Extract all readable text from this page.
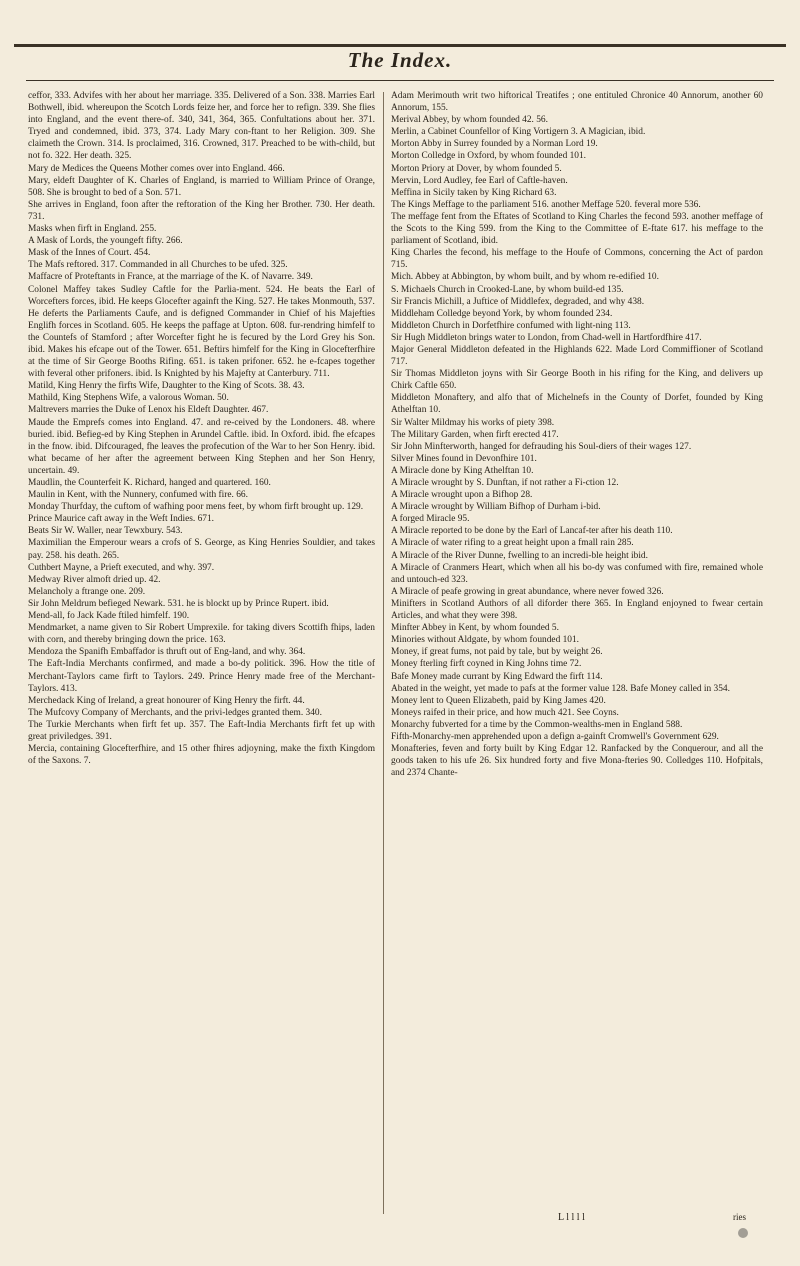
The Index.

ceffor, 333. Advifes with her about her marriage. 335. Delivered of a Son. 338. Marries Earl Bothwell, ibid. whereupon the Scotch Lords feize her, and force her to refign. 339. She flies into England, and the event there-of. 340, 341, 364, 365. Confultations about her. 371. Tryed and condemned, ibid. 373, 374. Lady Mary con-ftant to her Religion. 309. She claimeth the Crown. 314. Is proclaimed, 316. Crowned, 317. Preached to be with-child, but not fo. 322. Her death. 325.

Mary de Medices the Queens Mother comes over into England. 466.

Mary, eldeft Daughter of K. Charles of England, is married to William Prince of Orange, 508. She is brought to bed of a Son. 571.

She arrives in England, foon after the reftoration of the King her Brother. 730. Her death. 731.

Masks when firft in England. 255.

A Mask of Lords, the youngeft fifty. 266.

Mask of the Innes of Court. 454.

The Mafs reftored. 317. Commanded in all Churches to be ufed. 325.

Maffacre of Proteftants in France, at the marriage of the K. of Navarre. 349.

Colonel Maffey takes Sudley Caftle for the Parlia-ment. 524. He beats the Earl of Worcefters forces, ibid. He keeps Glocefter againft the King. 527. He takes Monmouth, 537.

He deferts the Parliaments Caufe, and is defigned Commander in Chief of his Majefties Englifh forces in Scotland. 605. He keeps the paffage at Upton. 608. fur-rendring himfelf to the Countefs of Stamford ; after Worcefter fight he is fecured by the Lord Grey his Son. ibid. Makes his efcape out of the Tower. 651. Beftirs himfelf for the King in Glocefterfhire at the time of Sir George Booths Rifing. 651. is taken prifoner. 652. he e-fcapes together with feveral other prifoners. ibid. Is Knighted by his Majefty at Canterbury. 711.

Matild, King Henry the firfts Wife, Daughter to the King of Scots. 38. 43.

Mathild, King Stephens Wife, a valorous Woman. 50.

Maltrevers marries the Duke of Lenox his Eldeft Daughter. 467.

Maude the Emprefs comes into England. 47. and re-ceived by the Londoners. 48. where buried. ibid. Befieg-ed by King Stephen in Arundel Caftle. ibid. In Oxford. ibid. fhe efcapes in the fnow. ibid. Difcouraged, fhe leaves the profecution of the War to her Son Henry. ibid. what became of her after the agreement between King Stephen and her Son Henry, uncertain. 49.

Maudlin, the Counterfeit K. Richard, hanged and quartered. 160.

Maulin in Kent, with the Nunnery, confumed with fire. 66.

Monday Thurfday, the cuftom of wafhing poor mens feet, by whom firft brought up. 129.

Prince Maurice caft away in the Weft Indies. 671.

Beats Sir W. Waller, near Tewxbury. 543.

Maximilian the Emperour wears a crofs of S. George, as King Henries Souldier, and takes pay. 258. his death. 265.

Cuthbert Mayne, a Prieft executed, and why. 397.

Medway River almoft dried up. 42.

Melancholy a ftrange one. 209.

Sir John Meldrum befieged Newark. 531. he is blockt up by Prince Rupert. ibid.

Mend-all, fo Jack Kade ftiled himfelf. 190.

Mendmarket, a name given to Sir Robert Umprexile. for taking divers Scottifh fhips, laden with corn, and thereby bringing down the price. 163.

Mendoza the Spanifh Embaffador is thruft out of Eng-land, and why. 364.

The Eaft-India Merchants confirmed, and made a bo-dy politick. 396. How the title of Merchant-Taylors came firft to Taylors. 249. Prince Henry made free of the Merchant-Taylors. 413.

Merchedack King of Ireland, a great honourer of King Henry the firft. 44.

The Mufcovy Company of Merchants, and the privi-ledges granted them. 340.

The Turkie Merchants when firft fet up. 357. The Eaft-India Merchants firft fet up with great priviledges. 391.

Mercia, containing Glocefterfhire, and 15 other fhires adjoyning, make the fixth Kingdom of the Saxons. 7.

Adam Merimouth writ two hiftorical Treatifes ; one entituled Chronice 40 Annorum, another 60 Annorum, 155.

Merival Abbey, by whom founded 42. 56.

Merlin, a Cabinet Counfellor of King Vortigern 3. A Magician, ibid.

Morton Abby in Surrey founded by a Norman Lord 19.

Morton Colledge in Oxford, by whom founded 101.

Morton Priory at Dover, by whom founded 5.

Mervin, Lord Audley, fee Earl of Caftle-haven.

Meffina in Sicily taken by King Richard 63.

The Kings Meffage to the parliament 516. another Meffage 520. feveral more 536.

The meffage fent from the Eftates of Scotland to King Charles the fecond 593. another meffage of the Scots to the King 599. from the King to the Committee of E-ftate 617. his meffage to the parliament of Scotland, ibid.

King Charles the fecond, his meffage to the Houfe of Commons, concerning the Act of pardon 715.

Mich. Abbey at Abbington, by whom built, and by whom re-edified 10.

S. Michaels Church in Crooked-Lane, by whom build-ed 135.

Sir Francis Michill, a Juftice of Middlefex, degraded, and why 438.

Middleham Colledge beyond York, by whom founded 234.

Middleton Church in Dorfetfhire confumed with light-ning 113.

Sir Hugh Middleton brings water to London, from Chad-well in Hartfordfhire 417.

Major General Middleton defeated in the Highlands 622. Made Lord Commiffioner of Scotland 717.

Sir Thomas Middleton joyns with Sir George Booth in his rifing for the King, and delivers up Chirk Caftle 650.

Middleton Monaftery, and alfo that of Michelnefs in the County of Dorfet, founded by King Athelftan 10.

Sir Walter Mildmay his works of piety 398.

The Military Garden, when firft erected 417.

Sir John Minfterworth, hanged for defrauding his Soul-diers of their wages 127.

Silver Mines found in Devonfhire 101.

A Miracle done by King Athelftan 10.

A Miracle wrought by S. Dunftan, if not rather a Fi-ction 12.

A Miracle wrought upon a Bifhop 28.

A Miracle wrought by William Bifhop of Durham i-bid.

A forged Miracle 95.

A Miracle reported to be done by the Earl of Lancaf-ter after his death 110.

A Miracle of water rifing to a great height upon a fmall rain 285.

A Miracle of the River Dunne, fwelling to an incredi-ble height ibid.

A Miracle of Cranmers Heart, which when all his bo-dy was confumed with fire, remained whole and untouch-ed 323.

A Miracle of peafe growing in great abundance, where never fowed 326.

Minifters in Scotland Authors of all diforder there 365. In England enjoyned to fwear certain Articles, and what they were 398.

Minfter Abbey in Kent, by whom founded 5.

Minories without Aldgate, by whom founded 101.

Money, if great fums, not paid by tale, but by weight 26.

Money fterling firft coyned in King Johns time 72.

Bafe Money made currant by King Edward the firft 114.

Abated in the weight, yet made to pafs at the former value 128. Bafe Money called in 354.

Money lent to Queen Elizabeth, paid by King James 420.

Moneys raifed in their price, and how much 421. See Coyns.

Monarchy fubverted for a time by the Common-wealths-men in England 588.

Fifth-Monarchy-men apprehended upon a defign a-gainft Cromwell's Government 629.

Monafteries, feven and forty built by King Edgar 12. Ranfacked by the Conquerour, and all the goods taken to his ufe 26. Six hundred forty and five Mona-fteries 90. Colledges 110. Hofpitals, and 2374 Chante-

L l l l l	ries
